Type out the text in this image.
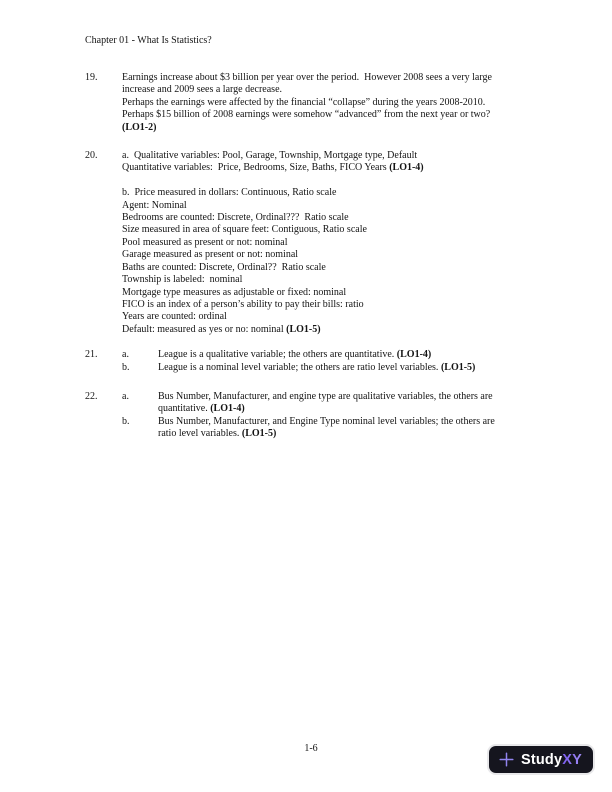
Chapter 01 - What Is Statistics?
19.	Earnings increase about $3 billion per year over the period.  However 2008 sees a very large
increase and 2009 sees a large decrease.
Perhaps the earnings were affected by the financial “collapse” during the years 2008-2010.
Perhaps $15 billion of 2008 earnings were somehow “advanced” from the next year or two?
(LO1-2)
20.	a.  Qualitative variables: Pool, Garage, Township, Mortgage type, Default
Quantitative variables:  Price, Bedrooms, Size, Baths, FICO Years (LO1-4)

b.  Price measured in dollars: Continuous, Ratio scale
Agent: Nominal
Bedrooms are counted: Discrete, Ordinal???  Ratio scale
Size measured in area of square feet: Contiguous, Ratio scale
Pool measured as present or not: nominal
Garage measured as present or not: nominal
Baths are counted: Discrete, Ordinal??  Ratio scale
Township is labeled:  nominal
Mortgage type measures as adjustable or fixed: nominal
FICO is an index of a person’s ability to pay their bills: ratio
Years are counted: ordinal
Default: measured as yes or no: nominal (LO1-5)
21.	a.	League is a qualitative variable; the others are quantitative. (LO1-4)
b.	League is a nominal level variable; the others are ratio level variables. (LO1-5)
22.	a.	Bus Number, Manufacturer, and engine type are qualitative variables, the others are
quantitative. (LO1-4)
b.	Bus Number, Manufacturer, and Engine Type nominal level variables; the others are
ratio level variables. (LO1-5)
1-6
Study XY
